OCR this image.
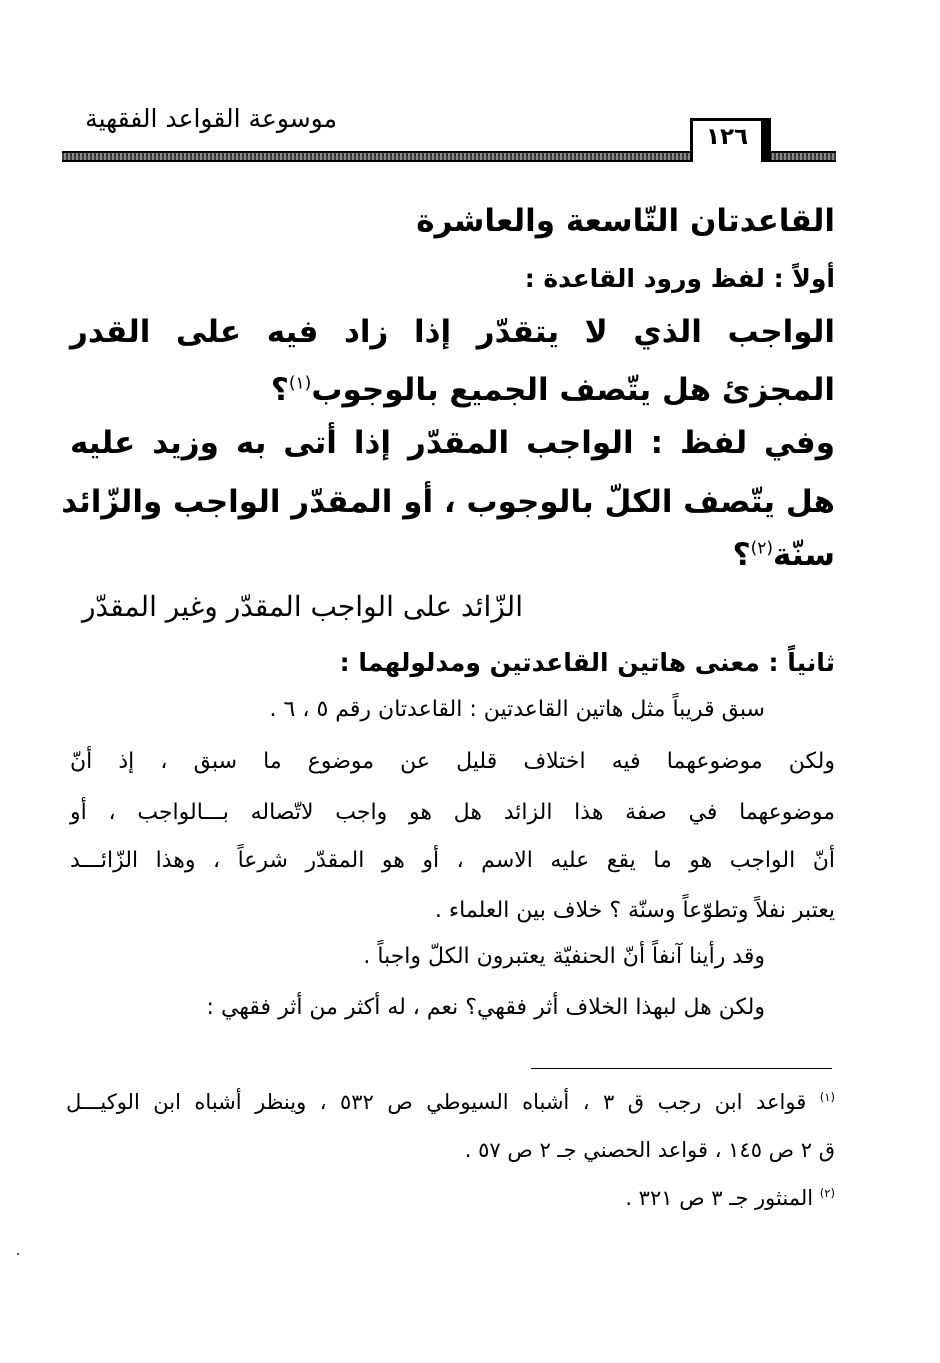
موسوعة القواعد الفقهية
١٢٦
القاعدتان التّاسعة والعاشرة
أولاً : لفظ ورود القاعدة :
الواجب الذي لا يتقدّر إذا زاد فيه على القدر
المجزئ هل يتّصف الجميع بالوجوب$^{(١)}$؟
وفي لفظ : الواجب المقدّر إذا أتى به وزيد عليه
هل يتّصف الكلّ بالوجوب ، أو المقدّر الواجب والزّائد
سنّة$^{(٢)}$؟
الزّائد على الواجب المقدّر وغير المقدّر
ثانياً : معنى هاتين القاعدتين ومدلولهما :
سبق قريباً مثل هاتين القاعدتين : القاعدتان رقم ٥ ، ٦ .
ولكن موضوعهما فيه اختلاف قليل عن موضوع ما سبق ، إذ أنّ
موضوعهما في صفة هذا الزائد هل هو واجب لاتّصاله بـــالواجب ، أو
أنّ الواجب هو ما يقع عليه الاسم ، أو هو المقدّر شرعاً ، وهذا الزّائـــد
يعتبر نفلاً وتطوّعاً وسنّة ؟ خلاف بين العلماء .
وقد رأينا آنفاً أنّ الحنفيّة يعتبرون الكلّ واجباً .
ولكن هل لبهذا الخلاف أثر فقهي؟ نعم ، له أكثر من أثر فقهي :
$^{(١)}$ قواعد ابن رجب ق ٣ ، أشباه السيوطي ص ٥٣٢ ، وينظر أشباه ابن الوكيـــل
ق ٢ ص ١٤٥ ، قواعد الحصني جـ ٢ ص ٥٧ .
$^{(٢)}$ المنثور جـ ٣ ص ٣٢١ .
